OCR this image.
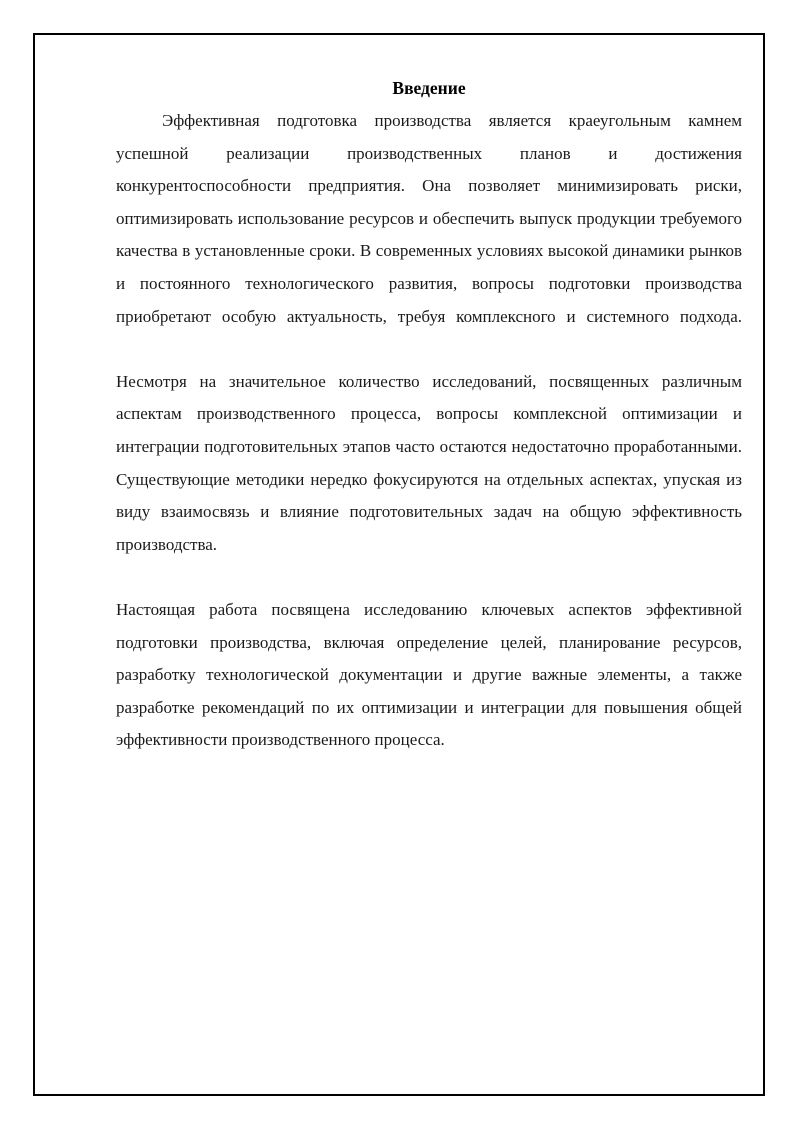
Введение

Эффективная подготовка производства является краеугольным камнем успешной реализации производственных планов и достижения конкурентоспособности предприятия. Она позволяет минимизировать риски, оптимизировать использование ресурсов и обеспечить выпуск продукции требуемого качества в установленные сроки. В современных условиях высокой динамики рынков и постоянного технологического развития, вопросы подготовки производства приобретают особую актуальность, требуя комплексного и системного подхода.

Несмотря на значительное количество исследований, посвященных различным аспектам производственного процесса, вопросы комплексной оптимизации и интеграции подготовительных этапов часто остаются недостаточно проработанными. Существующие методики нередко фокусируются на отдельных аспектах, упуская из виду взаимосвязь и влияние подготовительных задач на общую эффективность производства.

Настоящая работа посвящена исследованию ключевых аспектов эффективной подготовки производства, включая определение целей, планирование ресурсов, разработку технологической документации и другие важные элементы, а также разработке рекомендаций по их оптимизации и интеграции для повышения общей эффективности производственного процесса.
